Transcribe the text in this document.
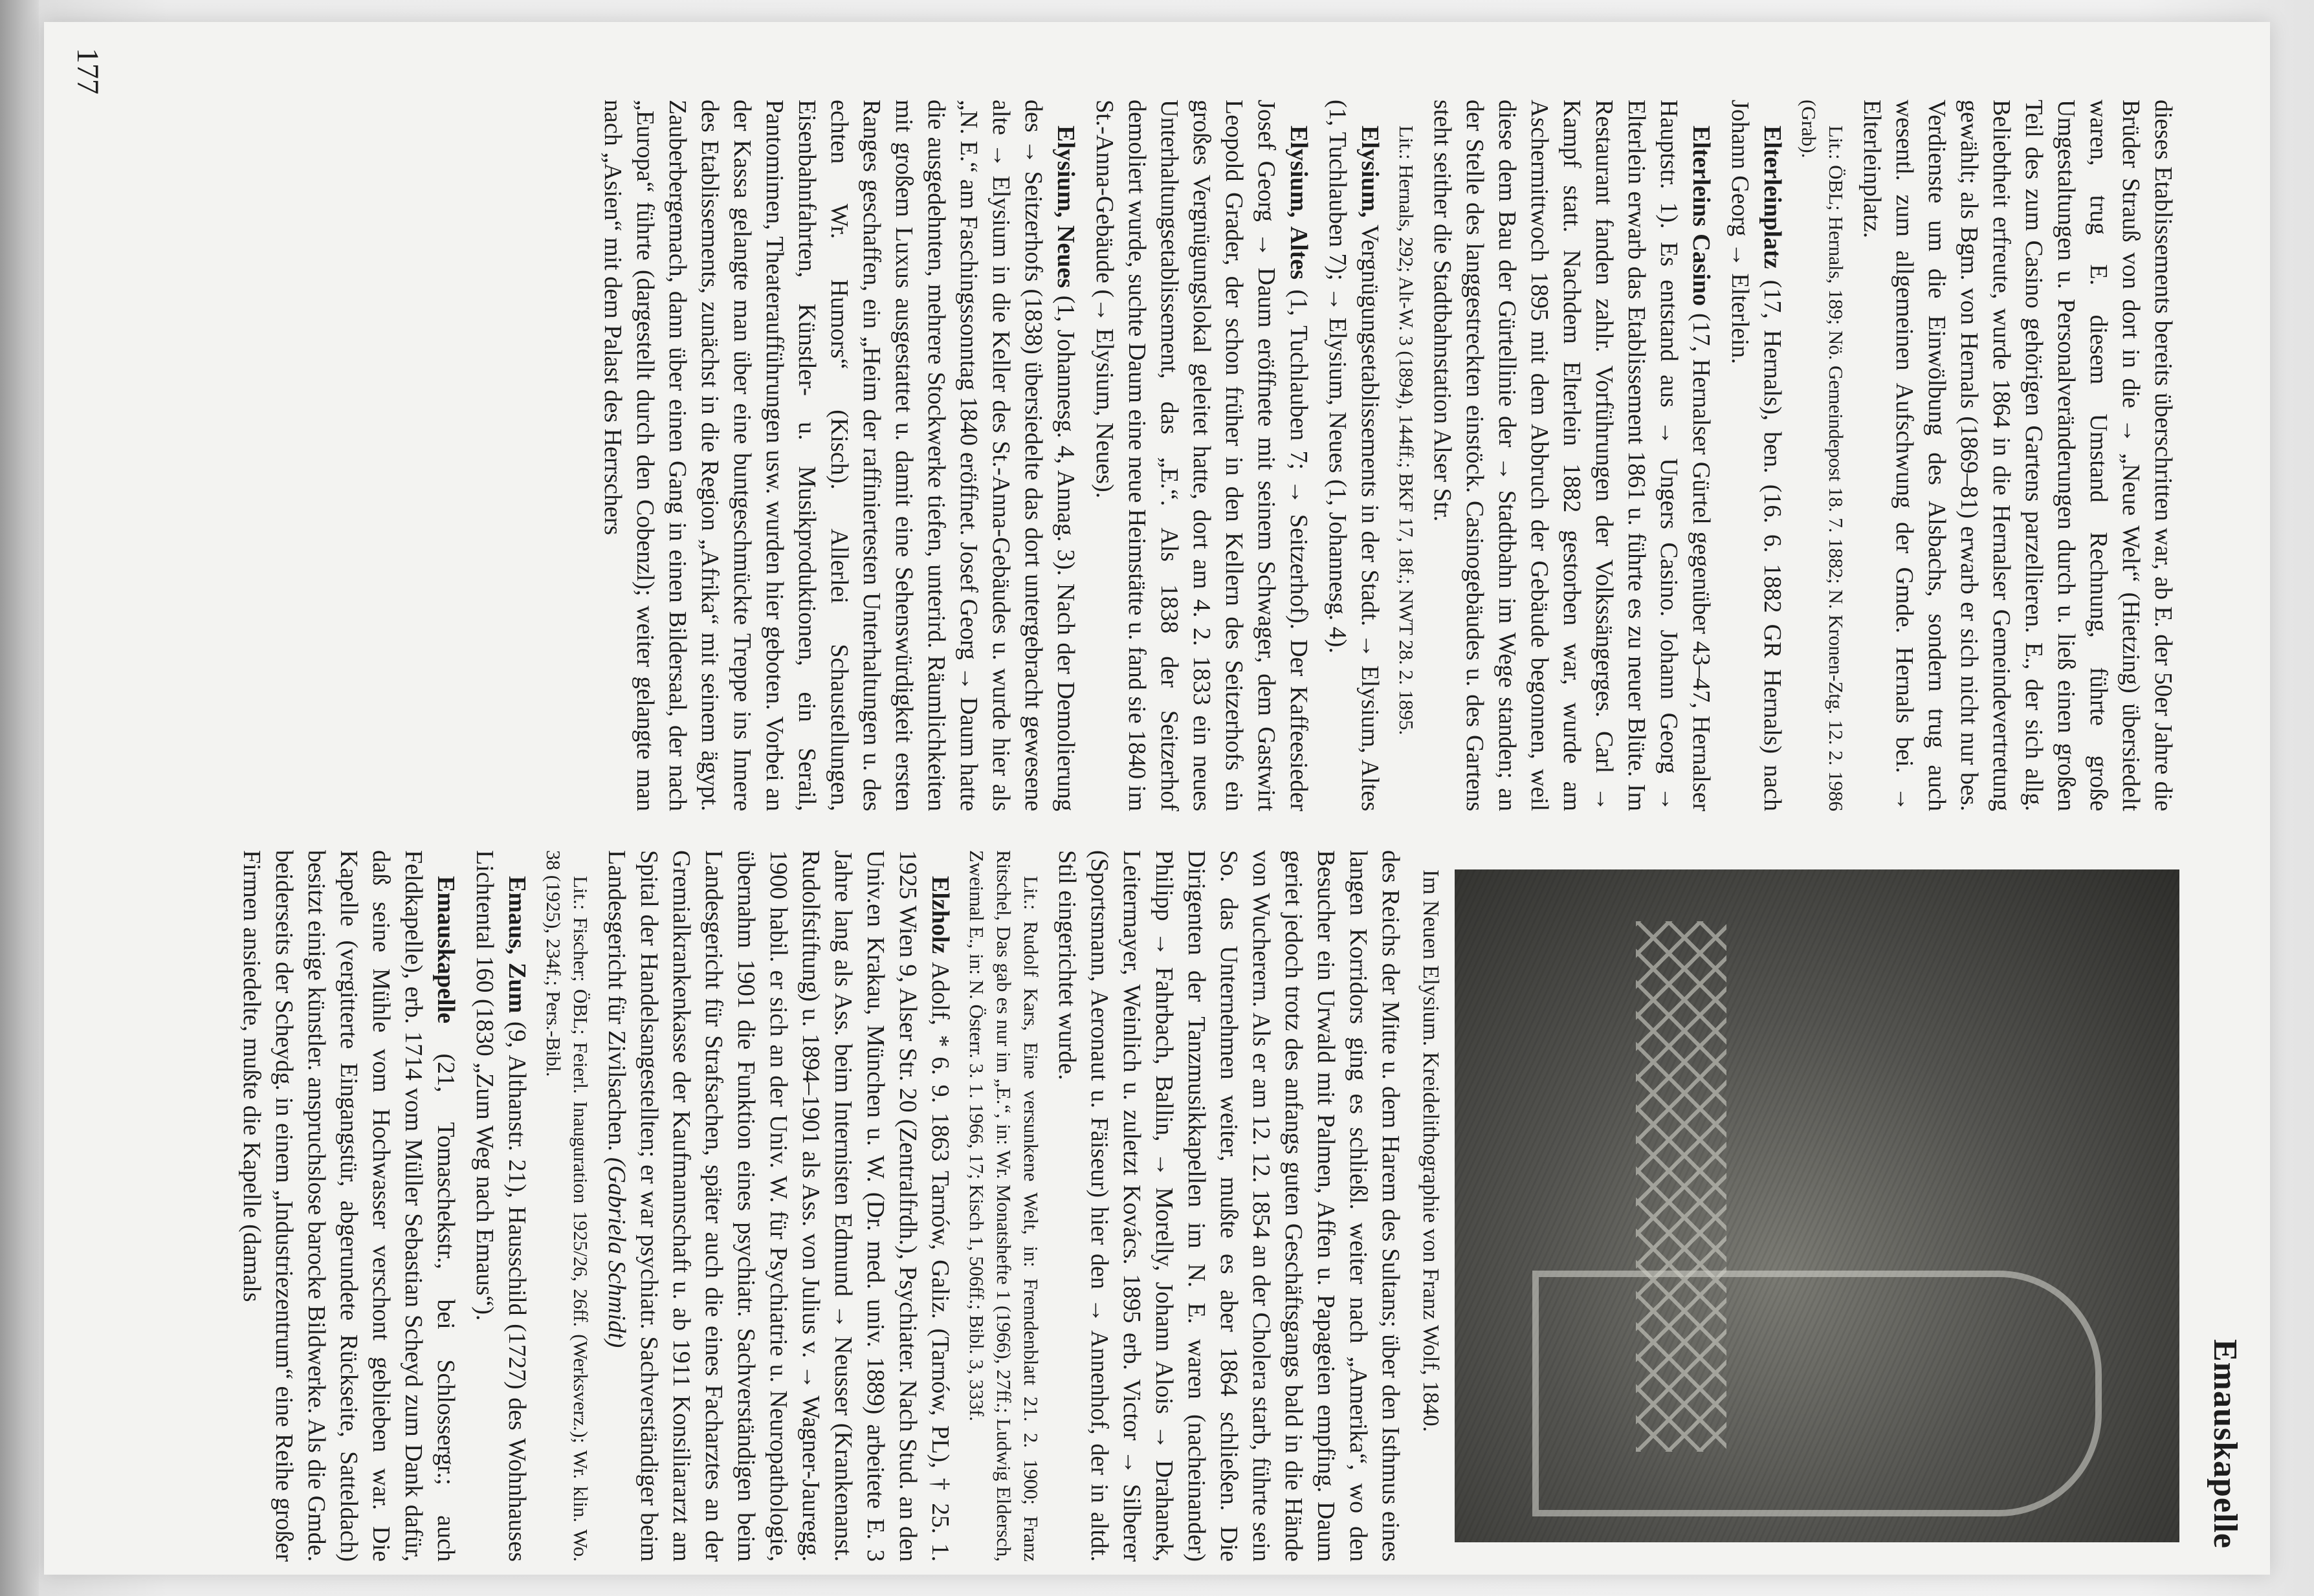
Emauskapelle

dieses Etablissements bereits überschritten war, ab E. der 50er Jahre die Brüder Strauß von dort in die → „Neue Welt“ (Hietzing) übersiedelt waren, trug E. diesem Umstand Rechnung, führte große Umgestaltungen u. Personalveränderungen durch u. ließ einen großen Teil des zum Casino gehörigen Gartens parzellieren. E., der sich allg. Beliebtheit erfreute, wurde 1864 in die Hernalser Gemeindevertretung gewählt; als Bgm. von Hernals (1869–81) erwarb er sich nicht nur bes. Verdienste um die Einwölbung des Alsbachs, sondern trug auch wesentl. zum allgemeinen Aufschwung der Gmde. Hernals bei. → Elterleinplatz.

Lit.: ÖBL; Hernals, 189; Nö. Gemeindepost 18. 7. 1882; N. Kronen-Ztg. 12. 2. 1986 (Grab).

Elterleinplatz (17, Hernals), ben. (16. 6. 1882 GR Hernals) nach Johann Georg → Elterlein.

Elterleins Casino (17, Hernalser Gürtel gegenüber 43–47, Hernalser Hauptstr. 1). Es entstand aus → Ungers Casino. Johann Georg → Elterlein erwarb das Etablissement 1861 u. führte es zu neuer Blüte. Im Restaurant fanden zahlr. Vorführungen der Volkssängerges. Carl → Kampf statt. Nachdem Elterlein 1882 gestorben war, wurde am Aschermittwoch 1895 mit dem Abbruch der Gebäude begonnen, weil diese dem Bau der Gürtellinie der → Stadtbahn im Wege standen; an der Stelle des langgestreckten einstöck. Casinogebäudes u. des Gartens steht seither die Stadtbahnstation Alser Str.

Lit.: Hernals, 292; Alt-W. 3 (1894), 144ff.; BKF 17, 18f.; NWT 28. 2. 1895.

Elysium, Vergnügungsetablissements in der Stadt. → Elysium, Altes (1, Tuchlauben 7); → Elysium, Neues (1, Johannesg. 4).

Elysium, Altes (1, Tuchlauben 7; → Seitzerhof). Der Kaffeesieder Josef Georg → Daum eröffnete mit seinem Schwager, dem Gastwirt Leopold Grader, der schon früher in den Kellern des Seitzerhofs ein großes Vergnügungslokal geleitet hatte, dort am 4. 2. 1833 ein neues Unterhaltungsetablissement, das „E.“. Als 1838 der Seitzerhof demoliert wurde, suchte Daum eine neue Heimstätte u. fand sie 1840 im St.-Anna-Gebäude (→ Elysium, Neues).

Elysium, Neues (1, Johannesg. 4, Annag. 3). Nach der Demolierung des → Seitzerhofs (1838) übersiedelte das dort untergebracht gewesene alte → Elysium in die Keller des St.-Anna-Gebäudes u. wurde hier als „N. E.“ am Faschingssonntag 1840 eröffnet. Josef Georg → Daum hatte die ausgedehnten, mehrere Stockwerke tiefen, unterird. Räumlichkeiten mit großem Luxus ausgestattet u. damit eine Sehenswürdigkeit ersten Ranges geschaffen, ein „Heim der raffiniertesten Unterhaltungen u. des echten Wr. Humors“ (Kisch). Allerlei Schaustellungen, Eisenbahnfahrten, Künstler- u. Musikproduktionen, ein Serail, Pantomimen, Theateraufführungen usw. wurden hier geboten. Vorbei an der Kassa gelangte man über eine buntgeschmückte Treppe ins Innere des Etablissements, zunächst in die Region „Afrika“ mit seinem ägypt. Zauberbergemach, dann über einen Gang in einen Bildersaal, der nach „Europa“ führte (dargestellt durch den Cobenzl); weiter gelangte man nach „Asien“ mit dem Palast des Herrschers

Im Neuen Elysium. Kreidelithographie von Franz Wolf, 1840.

des Reichs der Mitte u. dem Harem des Sultans; über den Isthmus eines langen Korridors ging es schließl. weiter nach „Amerika“, wo den Besucher ein Urwald mit Palmen, Affen u. Papageien empfing. Daum geriet jedoch trotz des anfangs guten Geschäftsgangs bald in die Hände von Wucherern. Als er am 12. 12. 1854 an der Cholera starb, führte sein So. das Unternehmen weiter, mußte es aber 1864 schließen. Die Dirigenten der Tanzmusikkapellen im N. E. waren (nacheinander) Philipp → Fahrbach, Ballin, → Morelly, Johann Alois → Drahanek, Leitermayer, Weinlich u. zuletzt Kovács. 1895 erb. Victor → Silberer (Sportsmann, Aeronaut u. Fäiseur) hier den → Annenhof, der in altdt. Stil eingerichtet wurde.

Lit.: Rudolf Kars, Eine versunkene Welt, in: Fremdenblatt 21. 2. 1900; Franz Ritschel, Das gab es nur im „E.“, in: Wr. Monatshefte 1 (1966), 27ff.; Ludwig Eldersch, Zweimal E., in: N. Österr. 3. 1. 1966, 17; Kisch 1, 506ff.; Bibl. 3, 333f.

Elzholz Adolf, * 6. 9. 1863 Tarnów, Galiz. (Tarnów, PL), † 25. 1. 1925 Wien 9, Alser Str. 20 (Zentralfrdh.), Psychiater. Nach Stud. an den Univ.en Krakau, München u. W. (Dr. med. univ. 1889) arbeitete E. 3 Jahre lang als Ass. beim Internisten Edmund → Neusser (Krankenanst. Rudolfstiftung) u. 1894–1901 als Ass. von Julius v. → Wagner-Jauregg. 1900 habil. er sich an der Univ. W. für Psychiatrie u. Neuropathologie, übernahm 1901 die Funktion eines psychiatr. Sachverständigen beim Landesgericht für Strafsachen, später auch die eines Facharztes an der Gremialkrankenkasse der Kaufmannschaft u. ab 1911 Konsiliararzt am Spital der Handelsangestellten; er war psychiatr. Sachverständiger beim Landesgericht für Zivilsachen. (Gabriela Schmidt)

Lit.: Fischer; ÖBL; Feierl. Inauguration 1925/26, 26ff. (Werksverz.); Wr. klin. Wo. 38 (1925), 234f.; Pers.-Bibl.

Emaus, Zum (9, Althanstr. 21), Hausschild (1727) des Wohnhauses Lichtental 160 (1830 „Zum Weg nach Emaus“).

Emauskapelle (21, Tomaschekstr., bei Schlossergr.; auch Feldkapelle), erb. 1714 vom Müller Sebastian Scheyd zum Dank dafür, daß seine Mühle vom Hochwasser verschont geblieben war. Die Kapelle (vergitterte Eingangstür, abgerundete Rückseite, Satteldach) besitzt einige künstler. anspruchslose barocke Bildwerke. Als die Gmde. beiderseits der Scheydg. in einem „Industriezentrum“ eine Reihe großer Firmen ansiedelte, mußte die Kapelle (damals

177
